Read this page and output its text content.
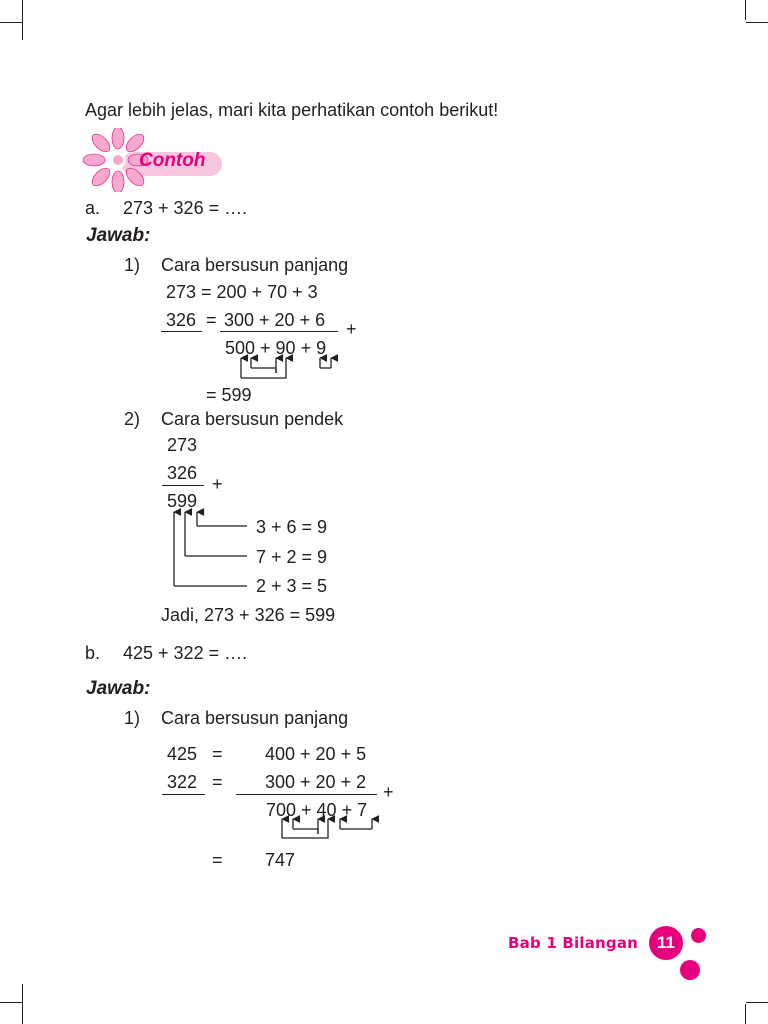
Agar lebih jelas, mari kita perhatikan contoh berikut!
Contoh
a. 273 + 326 = ….
Jawab:
1) Cara bersusun panjang
273 = 200 + 70 + 3
326 = 300 + 20 + 6 +
500 + 90 + 9
= 599
2) Cara bersusun pendek
273
326
+
599
3 + 6 = 9
7 + 2 = 9
2 + 3 = 5
Jadi, 273 + 326 = 599
b. 425 + 322 = ….
Jawab:
1) Cara bersusun panjang
425 = 400 + 20 + 5
322 = 300 + 20 + 2 +
700 + 40 + 7
= 747
Bab 1 Bilangan	11
